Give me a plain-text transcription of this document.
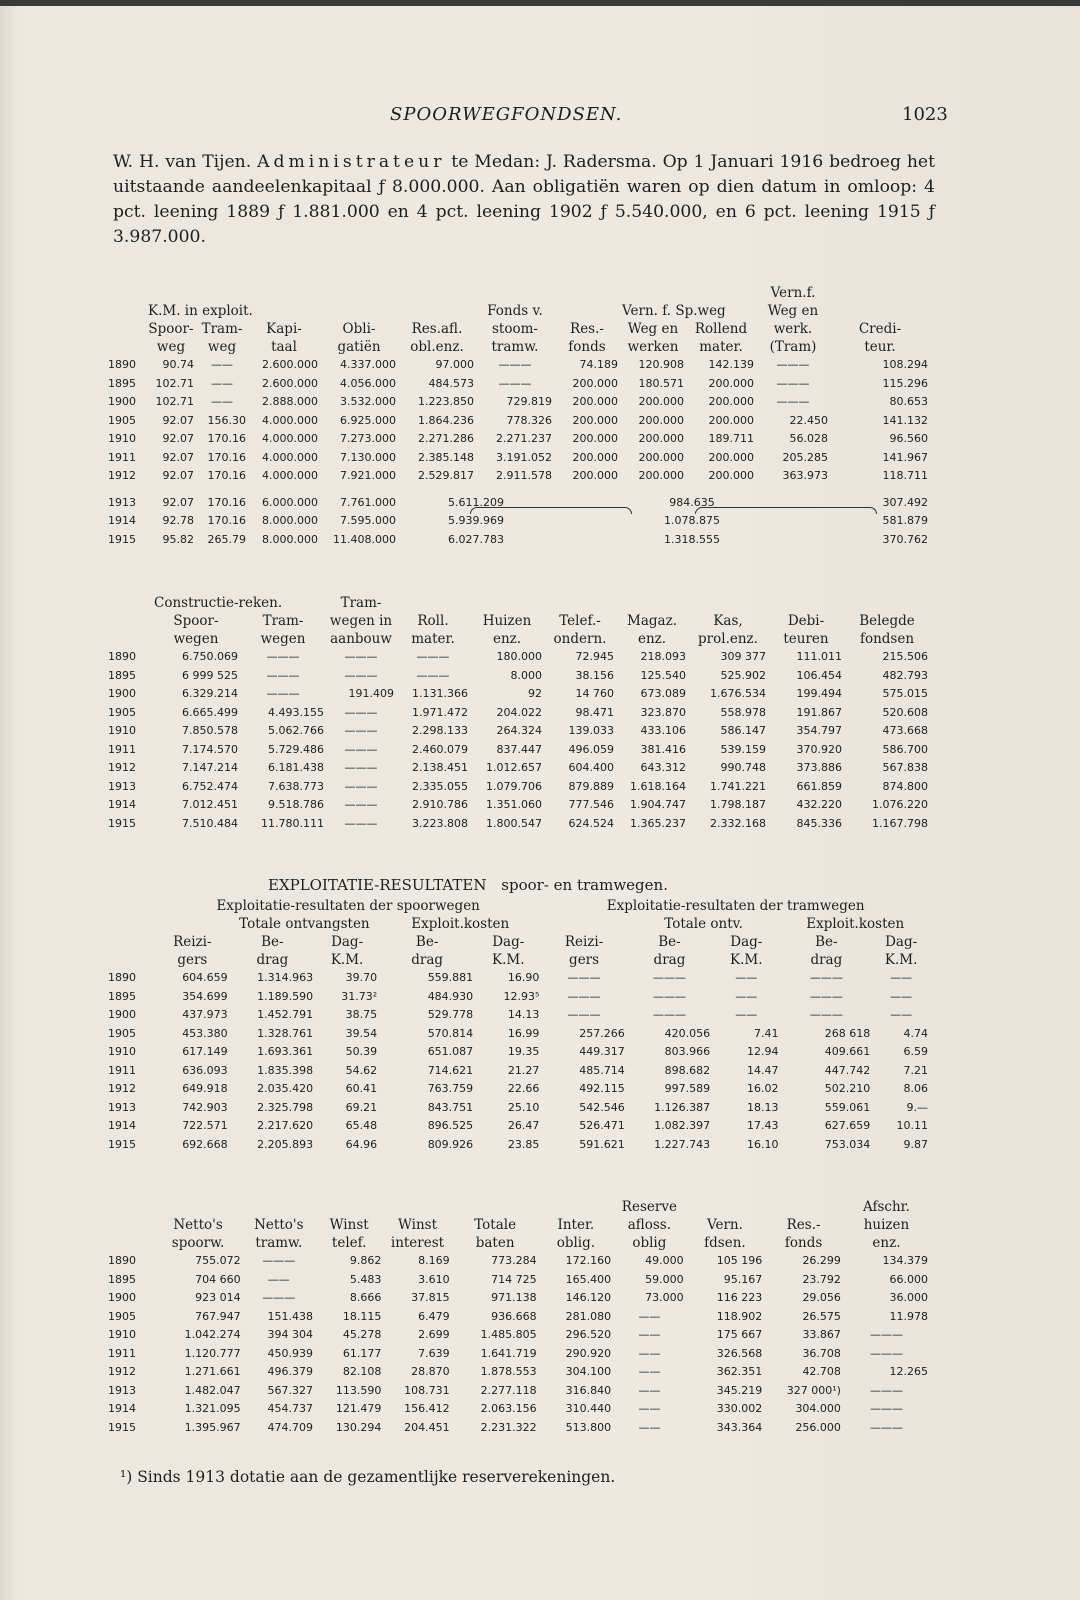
SPOORWEGFONDSEN.	1023

W. H. van Tijen. Administrateur te Medan: J. Radersma. Op 1 Januari 1916 bedroeg het uitstaande aandeelenkapitaal ƒ 8.000.000. Aan obligatiën waren op dien datum in omloop: 4 pct. leening 1889 ƒ 1.881.000 en 4 pct. leening 1902 ƒ 5.540.000, en 6 pct. leening 1915 ƒ 3.987.000.

										Vern.f.	
	K.M. in exploit.					Fonds v.		Vern. f. Sp.weg		Weg en	
	Spoor-	Tram-	Kapi-	Obli-	Res.afl.	stoom-	Res.-	Weg en	Rollend	werk.	Credi-
	weg	weg	taal	gatiën	obl.enz.	tramw.	fonds	werken	mater.	(Tram)	teur.
1890	90.74	——	2.600.000	4.337.000	97.000	———	74.189	120.908	142.139	———	108.294
1895	102.71	——	2.600.000	4.056.000	484.573	———	200.000	180.571	200.000	———	115.296
1900	102.71	——	2.888.000	3.532.000	1.223.850	729.819	200.000	200.000	200.000	———	80.653
1905	92.07	156.30	4.000.000	6.925.000	1.864.236	778.326	200.000	200.000	200.000	22.450	141.132
1910	92.07	170.16	4.000.000	7.273.000	2.271.286	2.271.237	200.000	200.000	189.711	56.028	96.560
1911	92.07	170.16	4.000.000	7.130.000	2.385.148	3.191.052	200.000	200.000	200.000	205.285	141.967
1912	92.07	170.16	4.000.000	7.921.000	2.529.817	2.911.578	200.000	200.000	200.000	363.973	118.711
1913	92.07	170.16	6.000.000	7.761.000	5.611.209		984.635				307.492
1914	92.78	170.16	8.000.000	7.595.000	5.939.969		1.078.875				581.879
1915	95.82	265.79	8.000.000	11.408.000	6.027.783		1.318.555				370.762
	Constructie-reken.		Tram-							
	Spoor-	Tram-	wegen in	Roll.	Huizen	Telef.-	Magaz.	Kas,	Debi-	Belegde
	wegen	wegen	aanbouw	mater.	enz.	ondern.	enz.	prol.enz.	teuren	fondsen
1890	6.750.069	———	———	———	180.000	72.945	218.093	309 377	111.011	215.506
1895	6 999 525	———	———	———	8.000	38.156	125.540	525.902	106.454	482.793
1900	6.329.214	———	191.409	1.131.366	92	14 760	673.089	1.676.534	199.494	575.015
1905	6.665.499	4.493.155	———	1.971.472	204.022	98.471	323.870	558.978	191.867	520.608
1910	7.850.578	5.062.766	———	2.298.133	264.324	139.033	433.106	586.147	354.797	473.668
1911	7.174.570	5.729.486	———	2.460.079	837.447	496.059	381.416	539.159	370.920	586.700
1912	7.147.214	6.181.438	———	2.138.451	1.012.657	604.400	643.312	990.748	373.886	567.838
1913	6.752.474	7.638.773	———	2.335.055	1.079.706	879.889	1.618.164	1.741.221	661.859	874.800
1914	7.012.451	9.518.786	———	2.910.786	1.351.060	777.546	1.904.747	1.798.187	432.220	1.076.220
1915	7.510.484	11.780.111	———	3.223.808	1.800.547	624.524	1.365.237	2.332.168	845.336	1.167.798
EXPLOITATIE-RESULTATEN spoor- en tramwegen.
	Exploitatie-resultaten der spoorwegen					Exploitatie-resultaten der tramwegen				
		Totale ontvangsten		Exploit.kosten			Totale ontv.		Exploit.kosten	
	Reizi-	Be-	Dag-	Be-	Dag-	Reizi-	Be-	Dag-	Be-	Dag-
	gers	drag	K.M.	drag	K.M.	gers	drag	K.M.	drag	K.M.
1890	604.659	1.314.963	39.70	559.881	16.90	———	———	——	———	——
1895	354.699	1.189.590	31.73²	484.930	12.93⁵	———	———	——	———	——
1900	437.973	1.452.791	38.75	529.778	14.13	———	———	——	———	——
1905	453.380	1.328.761	39.54	570.814	16.99	257.266	420.056	7.41	268 618	4.74
1910	617.149	1.693.361	50.39	651.087	19.35	449.317	803.966	12.94	409.661	6.59
1911	636.093	1.835.398	54.62	714.621	21.27	485.714	898.682	14.47	447.742	7.21
1912	649.918	2.035.420	60.41	763.759	22.66	492.115	997.589	16.02	502.210	8.06
1913	742.903	2.325.798	69.21	843.751	25.10	542.546	1.126.387	18.13	559.061	9.—
1914	722.571	2.217.620	65.48	896.525	26.47	526.471	1.082.397	17.43	627.659	10.11
1915	692.668	2.205.893	64.96	809.926	23.85	591.621	1.227.743	16.10	753.034	9.87
							Reserve			Afschr.
	Netto's	Netto's	Winst	Winst	Totale	Inter.	afloss.	Vern.	Res.-	huizen
	spoorw.	tramw.	telef.	interest	baten	oblig.	oblig	fdsen.	fonds	enz.
1890	755.072	———	9.862	8.169	773.284	172.160	49.000	105 196	26.299	134.379
1895	704 660	——	5.483	3.610	714 725	165.400	59.000	95.167	23.792	66.000
1900	923 014	———	8.666	37.815	971.138	146.120	73.000	116 223	29.056	36.000
1905	767.947	151.438	18.115	6.479	936.668	281.080	——	118.902	26.575	11.978
1910	1.042.274	394 304	45.278	2.699	1.485.805	296.520	——	175 667	33.867	———
1911	1.120.777	450.939	61.177	7.639	1.641.719	290.920	——	326.568	36.708	———
1912	1.271.661	496.379	82.108	28.870	1.878.553	304.100	——	362.351	42.708	12.265
1913	1.482.047	567.327	113.590	108.731	2.277.118	316.840	——	345.219	327 000¹)	———
1914	1.321.095	454.737	121.479	156.412	2.063.156	310.440	——	330.002	304.000	———
1915	1.395.967	474.709	130.294	204.451	2.231.322	513.800	——	343.364	256.000	———
¹) Sinds 1913 dotatie aan de gezamentlijke reserverekeningen.
